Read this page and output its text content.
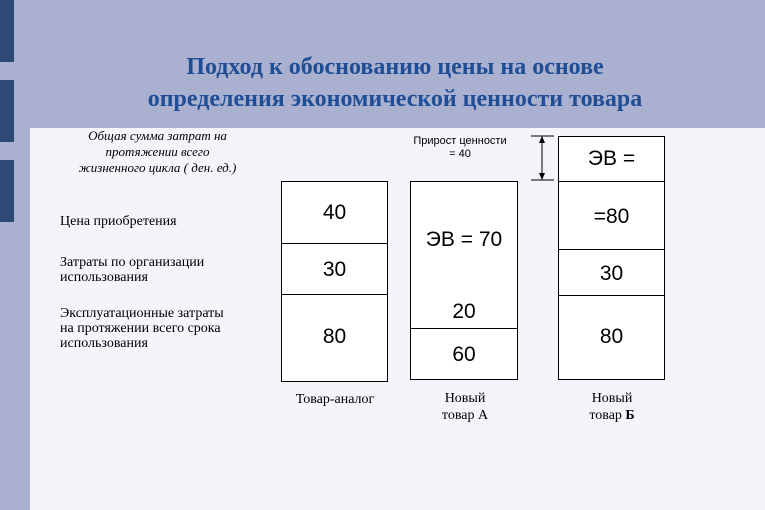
Подход к обоснованию цены на основе
определения экономической ценности товара
Общая сумма затрат на
протяжении всего
жизненного цикла ( ден. ед.)
Цена приобретения
Затраты по организации
использования
Эксплуатационные затраты
на протяжении всего срока
использования
40
30
80
Товар-аналог
Прирост ценности
= 40
ЭВ = 70
20
60
Новый
товар А
ЭВ =
=80
30
80
Новый
товар Б
